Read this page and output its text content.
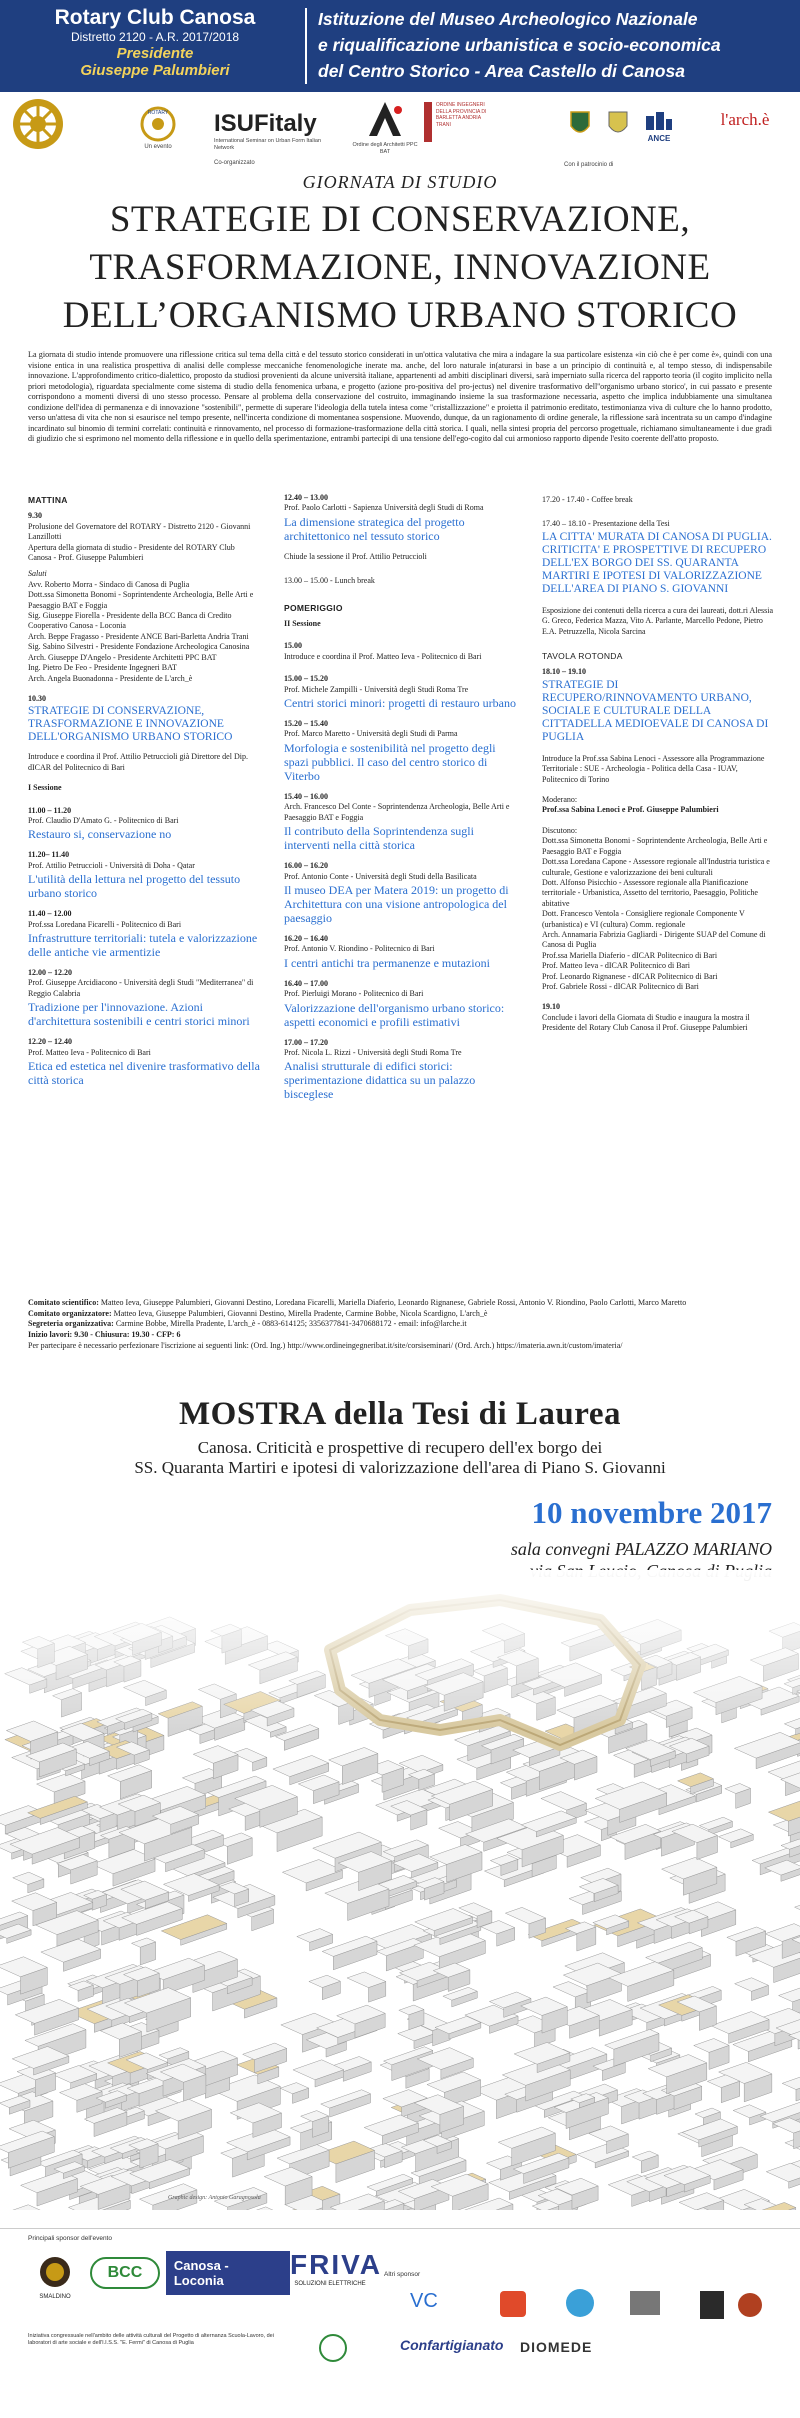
Rotary Club Canosa
Distretto 2120 - A.R. 2017/2018
Presidente
Giuseppe Palumbieri
Istituzione del Museo Archeologico Nazionale
e riqualificazione urbanistica e socio-economica
del Centro Storico - Area Castello di Canosa
ROTARY
Un evento
ISUFitaly
International Seminar on Urban Form Italian Network
Co-organizzato
Ordine degli Architetti PPC BAT
ORDINE INGEGNERI DELLA PROVINCIA DI BARLETTA ANDRIA TRANI
ANCE
l'arch.è
Con il patrocinio di
GIORNATA DI STUDIO
STRATEGIE DI CONSERVAZIONE,
TRASFORMAZIONE, INNOVAZIONE
DELL’ORGANISMO URBANO STORICO
La giornata di studio intende promuovere una riflessione critica sul tema della città e del tessuto storico considerati in un'ottica valutativa che mira a indagare la sua particolare esistenza «in ciò che è per come è», quindi con una visione entica in una realistica prospettiva di analisi delle complesse meccaniche fenomenologiche inerate ma. anche, del loro naturale in(aturarsi in base a un principio di continuità e, al tempo stesso, di indispensabile innovazione. L'approfondimento critico-dialettico, proposto da studiosi provenienti da alcune università italiane, appartenenti ad ambiti disciplinari diversi, sarà imperniato sulla ricerca del rapporto teoria (il cogito implicito nella priori metodologia), riguardata specialmente come sistema di studio della fenomenica urbana, e progetto (azione pro-positiva del pro-jectus) nel divenire trasformativo dell''organismo urbano storico', in cui passato e presente corrispondono a momenti diversi di uno stesso processo. Pensare al problema della conservazione del costruito, immaginando insieme la sua trasformazione necessaria, aspetto che implica indubbiamente una simultanea condizione dell'idea di permanenza e di innovazione "sostenibili", permette di superare l'ideologia della tutela intesa come "cristallizzazione" e proietta il patrimonio ereditato, testimonianza viva di culture che lo hanno prodotto, verso un'attesa di vita che non si esaurisce nel tempo presente, nell'incerta condizione di momentanea sospensione. Muovendo, dunque, da un ragionamento di ordine generale, la riflessione sarà incentrata su un campo d'indagine incardinato sul binomio di termini correlati: continuità e rinnovamento, nel processo di formazione-trasformazione della città storica. I quali, nella sintesi propria del percorso progettuale, richiamano simultaneamente i due gradi di giudizio che si esprimono nel momento della riflessione e in quello della sperimentazione, entrambi partecipi di una tensione dell'ego-cogito dal cui armonioso rapporto dipende l'esito coerente dell'atto proposto.
MATTINA
9.30
Prolusione del Governatore del ROTARY - Distretto 2120 - Giovanni Lanzillotti
Apertura della giornata di studio - Presidente del ROTARY Club Canosa - Prof. Giuseppe Palumbieri
Saluti
Avv. Roberto Morra - Sindaco di Canosa di Puglia
Dott.ssa Simonetta Bonomi - Soprintendente Archeologia, Belle Arti e Paesaggio BAT e Foggia
Sig. Giuseppe Fiorella - Presidente della BCC Banca di Credito Cooperativo Canosa - Loconia
Arch. Beppe Fragasso - Presidente ANCE Bari-Barletta Andria Trani
Sig. Sabino Silvestri - Presidente Fondazione Archeologica Canosina
Arch. Giuseppe D'Angelo - Presidente Architetti PPC BAT
Ing. Pietro De Feo - Presidente Ingegneri BAT
Arch. Angela Buonadonna - Presidente de L'arch_è
10.30
STRATEGIE DI CONSERVAZIONE, TRASFORMAZIONE E INNOVAZIONE DELL'ORGANISMO URBANO STORICO
Introduce e coordina il Prof. Attilio Petruccioli già Direttore del Dip. dICAR del Politecnico di Bari
I Sessione
11.00 – 11.20
Prof. Claudio D'Amato G. - Politecnico di Bari
Restauro si, conservazione no
11.20– 11.40
Prof. Attilio Petruccioli - Università di Doha - Qatar
L'utilità della lettura nel progetto del tessuto urbano storico
11.40 – 12.00
Prof.ssa Loredana Ficarelli - Politecnico di Bari
Infrastrutture territoriali: tutela e valorizzazione delle antiche vie armentizie
12.00 – 12.20
Prof. Giuseppe Arcidiacono - Università degli Studi "Mediterranea" di Reggio Calabria
Tradizione per l'innovazione. Azioni d'architettura sostenibili e centri storici minori
12.20 – 12.40
Prof. Matteo Ieva - Politecnico di Bari
Etica ed estetica nel divenire trasformativo della città storica
12.40 – 13.00
Prof. Paolo Carlotti - Sapienza Università degli Studi di Roma
La dimensione strategica del progetto architettonico nel tessuto storico
Chiude la sessione il Prof. Attilio Petruccioli
13.00 – 15.00 - Lunch break
POMERIGGIO
II Sessione
15.00
Introduce e coordina il Prof. Matteo Ieva - Politecnico di Bari
15.00 – 15.20
Prof. Michele Zampilli - Università degli Studi Roma Tre
Centri storici minori: progetti di restauro urbano
15.20 – 15.40
Prof. Marco Maretto - Università degli Studi di Parma
Morfologia e sostenibilità nel progetto degli spazi pubblici. Il caso del centro storico di Viterbo
15.40 – 16.00
Arch. Francesco Del Conte - Soprintendenza Archeologia, Belle Arti e Paesaggio BAT e Foggia
Il contributo della Soprintendenza sugli interventi nella città storica
16.00 – 16.20
Prof. Antonio Conte - Università degli Studi della Basilicata
Il museo DEA per Matera 2019: un progetto di Architettura con una visione antropologica del paesaggio
16.20 – 16.40
Prof. Antonio V. Riondino - Politecnico di Bari
I centri antichi tra permanenze e mutazioni
16.40 – 17.00
Prof. Pierluigi Morano - Politecnico di Bari
Valorizzazione dell'organismo urbano storico: aspetti economici e profili estimativi
17.00 – 17.20
Prof. Nicola L. Rizzi - Università degli Studi Roma Tre
Analisi strutturale di edifici storici: sperimentazione didattica su un palazzo bisceglese
17.20 - 17.40 - Coffee break
17.40 – 18.10 - Presentazione della Tesi
LA CITTA' MURATA DI CANOSA DI PUGLIA. CRITICITA' E PROSPETTIVE DI RECUPERO DELL'EX BORGO DEI SS. QUARANTA MARTIRI E IPOTESI DI VALORIZZAZIONE DELL'AREA DI PIANO S. GIOVANNI
Esposizione dei contenuti della ricerca a cura dei laureati, dott.ri Alessia G. Greco, Federica Mazza, Vito A. Parlante, Marcello Pedone, Pietro E.A. Petruzzella, Nicola Sarcina
TAVOLA ROTONDA
18.10 – 19.10
STRATEGIE DI RECUPERO/RINNOVAMENTO URBANO, SOCIALE E CULTURALE DELLA CITTADELLA MEDIOEVALE DI CANOSA DI PUGLIA
Introduce la Prof.ssa Sabina Lenoci - Assessore alla Programmazione Territoriale : SUE - Archeologia - Politica della Casa - IUAV, Politecnico di Torino
Moderano:
Prof.ssa Sabina Lenoci e Prof. Giuseppe Palumbieri
Discutono:
Dott.ssa Simonetta Bonomi - Soprintendente Archeologia, Belle Arti e Paesaggio BAT e Foggia
Dott.ssa Loredana Capone - Assessore regionale all'Industria turistica e culturale, Gestione e valorizzazione dei beni culturali
Dott. Alfonso Pisicchio - Assessore regionale alla Pianificazione territoriale - Urbanistica, Assetto del territorio, Paesaggio, Politiche abitative
Dott. Francesco Ventola - Consigliere regionale Componente V (urbanistica) e VI (cultura) Comm. regionale
Arch. Annamaria Fabrizia Gagliardi - Dirigente SUAP del Comune di Canosa di Puglia
Prof.ssa Mariella Diaferio - dICAR Politecnico di Bari
Prof. Matteo Ieva - dICAR Politecnico di Bari
Prof. Leonardo Rignanese - dICAR Politecnico di Bari
Prof. Gabriele Rossi - dICAR Politecnico di Bari
19.10
Conclude i lavori della Giornata di Studio e inaugura la mostra il Presidente del Rotary Club Canosa il Prof. Giuseppe Palumbieri
Comitato scientifico: Matteo Ieva, Giuseppe Palumbieri, Giovanni Destino, Loredana Ficarelli, Mariella Diaferio, Leonardo Rignanese, Gabriele Rossi, Antonio V. Riondino, Paolo Carlotti, Marco Maretto
Comitato organizzatore: Matteo Ieva, Giuseppe Palumbieri, Giovanni Destino, Mirella Pradente, Carmine Bobbe, Nicola Scardigno, L'arch_è
Segreteria organizzativa: Carmine Bobbe, Mirella Pradente, L'arch_è - 0883-614125; 3356377841-3470688172 - email: info@larche.it
Inizio lavori: 9.30 - Chiusura: 19.30 - CFP: 6
Per partecipare è necessario perfezionare l'iscrizione ai seguenti link: (Ord. Ing.) http://www.ordineingegneribat.it/site/corsiseminari/ (Ord. Arch.) https://imateria.awn.it/custom/imateria/
MOSTRA della Tesi di Laurea
Canosa. Criticità e prospettive di recupero dell'ex borgo dei
SS. Quaranta Martiri e ipotesi di valorizzazione dell'area di Piano S. Giovanni
10 novembre 2017
sala convegni PALAZZO MARIANO
Graphic design: Antonio Garagnosola
Principali sponsor dell'evento
Altri sponsor
SMALDINO
BCC	Canosa - Loconia
FRIVA
SOLUZIONI ELETTRICHE
VC
Confartigianato DIOMEDE
Iniziativa congressuale nell'ambito delle attività culturali del Progetto di alternanza Scuola-Lavoro, dei laboratori di arte sociale e dell'I.I.S.S. "E. Fermi" di Canosa di Puglia
